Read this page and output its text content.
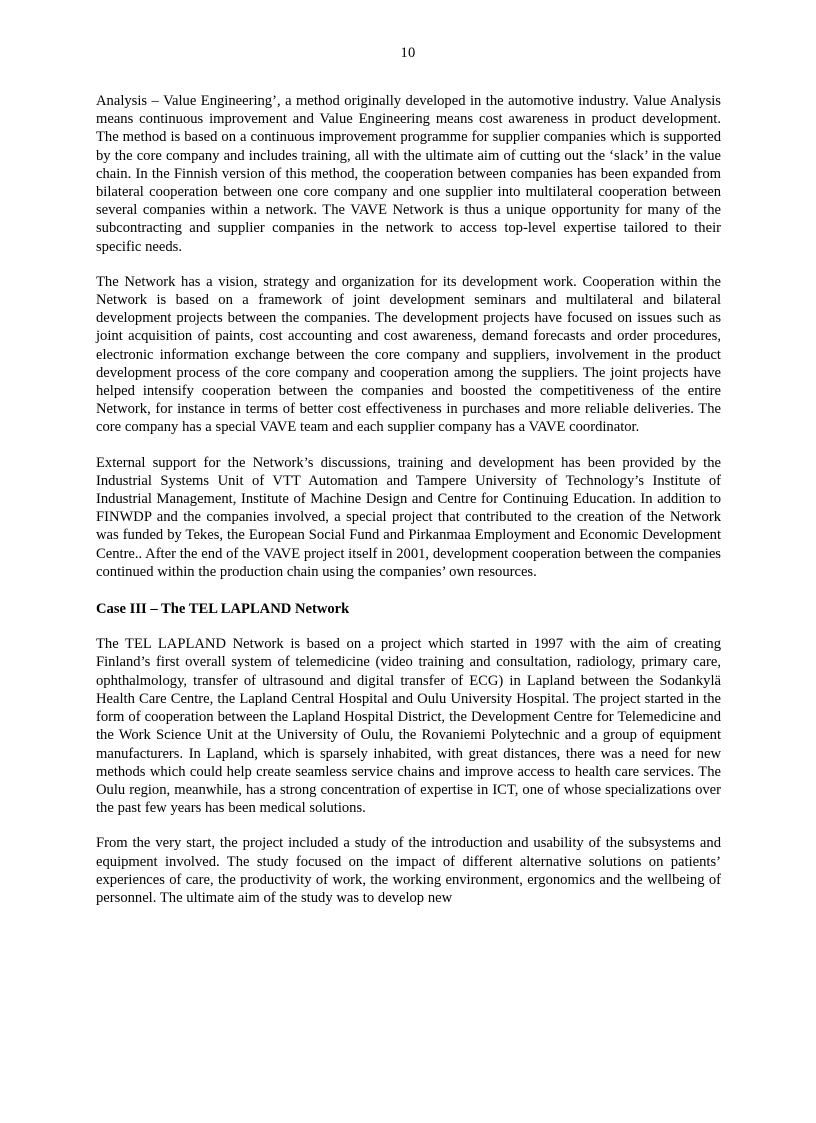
10

Analysis – Value Engineering’, a method originally developed in the automotive industry. Value Analysis means continuous improvement and Value Engineering means cost awareness in product development. The method is based on a continuous improvement programme for supplier companies which is supported by the core company and includes training, all with the ultimate aim of cutting out the ‘slack’ in the value chain. In the Finnish version of this method, the cooperation between companies has been expanded from bilateral cooperation between one core company and one supplier into multilateral cooperation between several companies within a network. The VAVE Network is thus a unique opportunity for many of the subcontracting and supplier companies in the network to access top-level expertise tailored to their specific needs.

The Network has a vision, strategy and organization for its development work. Cooperation within the Network is based on a framework of joint development seminars and multilateral and bilateral development projects between the companies. The development projects have focused on issues such as joint acquisition of paints, cost accounting and cost awareness, demand forecasts and order procedures, electronic information exchange between the core company and suppliers, involvement in the product development process of the core company and cooperation among the suppliers. The joint projects have helped intensify cooperation between the companies and boosted the competitiveness of the entire Network, for instance in terms of better cost effectiveness in purchases and more reliable deliveries. The core company has a special VAVE team and each supplier company has a VAVE coordinator.

External support for the Network’s discussions, training and development has been provided by the Industrial Systems Unit of VTT Automation and Tampere University of Technology’s Institute of Industrial Management, Institute of Machine Design and Centre for Continuing Education. In addition to FINWDP and the companies involved, a special project that contributed to the creation of the Network was funded by Tekes, the European Social Fund and Pirkanmaa Employment and Economic Development Centre.. After the end of the VAVE project itself in 2001, development cooperation between the companies continued within the production chain using the companies’ own resources.

Case III – The TEL LAPLAND Network

The TEL LAPLAND Network is based on a project which started in 1997 with the aim of creating Finland’s first overall system of telemedicine (video training and consultation, radiology, primary care, ophthalmology, transfer of ultrasound and digital transfer of ECG) in Lapland between the Sodankylä Health Care Centre, the Lapland Central Hospital and Oulu University Hospital. The project started in the form of cooperation between the Lapland Hospital District, the Development Centre for Telemedicine and the Work Science Unit at the University of Oulu, the Rovaniemi Polytechnic and a group of equipment manufacturers. In Lapland, which is sparsely inhabited, with great distances, there was a need for new methods which could help create seamless service chains and improve access to health care services. The Oulu region, meanwhile, has a strong concentration of expertise in ICT, one of whose specializations over the past few years has been medical solutions.

From the very start, the project included a study of the introduction and usability of the subsystems and equipment involved. The study focused on the impact of different alternative solutions on patients’ experiences of care, the productivity of work, the working environment, ergonomics and the wellbeing of personnel. The ultimate aim of the study was to develop new
